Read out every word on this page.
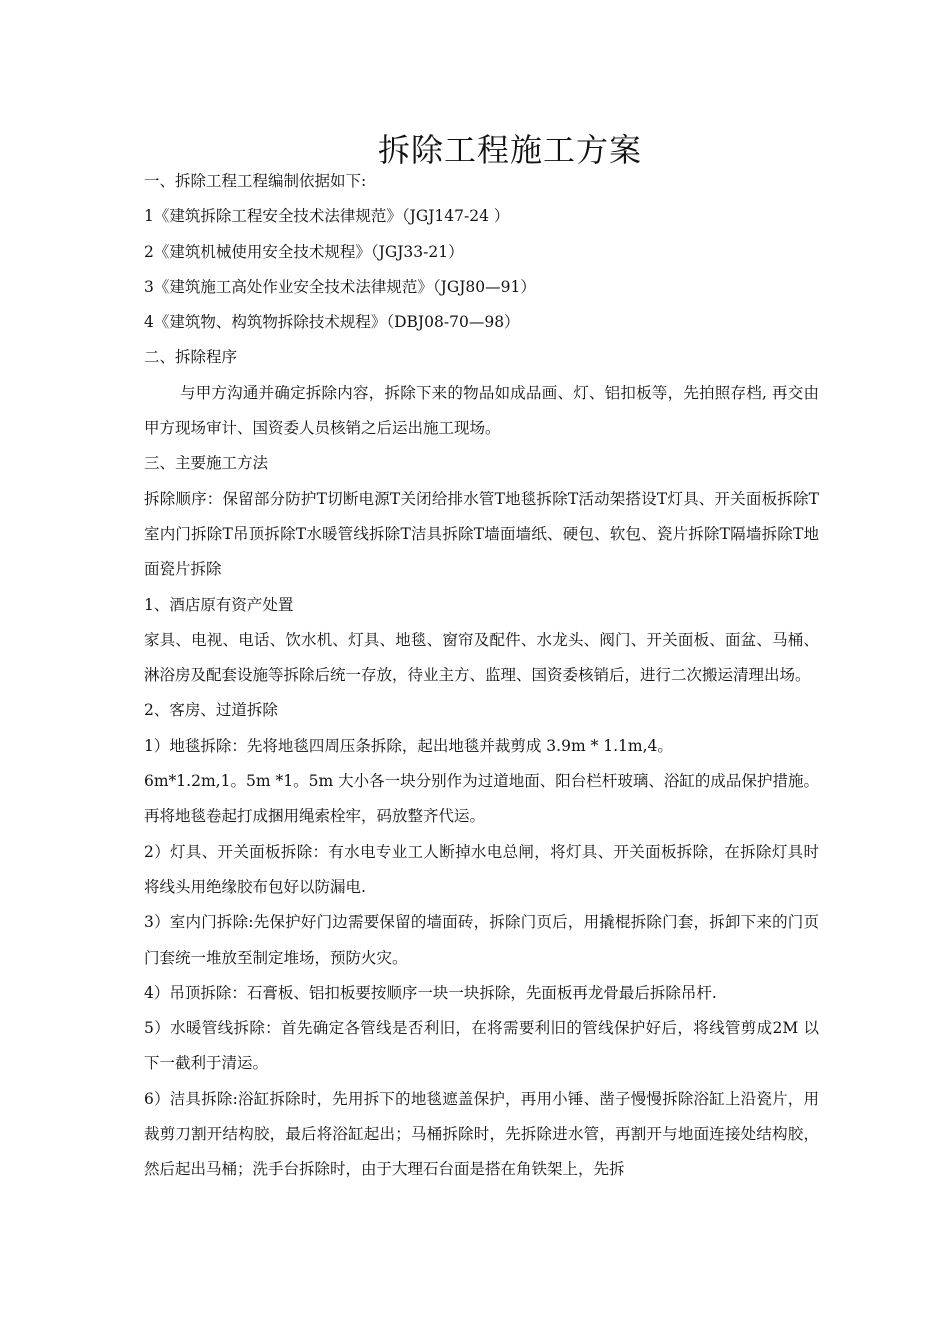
拆除工程施工方案

一、拆除工程工程编制依据如下:

1《建筑拆除工程安全技术法律规范》（JGJ147-24 ）

2《建筑机械使用安全技术规程》（JGJ33-21）

3《建筑施工高处作业安全技术法律规范》（JGJ80—91）

4《建筑物、构筑物拆除技术规程》（DBJ08-70—98）

二、拆除程序

与甲方沟通并确定拆除内容，拆除下来的物品如成品画、灯、铝扣板等，先拍照存档, 再交由甲方现场审计、国资委人员核销之后运出施工现场。

三、主要施工方法

拆除顺序：保留部分防护T切断电源T关闭给排水管T地毯拆除T活动架搭设T灯具、开关面板拆除T室内门拆除T吊顶拆除T水暖管线拆除T洁具拆除T墙面墙纸、硬包、软包、瓷片拆除T隔墙拆除T地面瓷片拆除

1、酒店原有资产处置

家具、电视、电话、饮水机、灯具、地毯、窗帘及配件、水龙头、阀门、开关面板、面盆、马桶、淋浴房及配套设施等拆除后统一存放，待业主方、监理、国资委核销后，进行二次搬运清理出场。

2、客房、过道拆除

1）地毯拆除：先将地毯四周压条拆除，起出地毯并裁剪成 3.9m * 1.1m,4。

6m*1.2m,1。5m *1。5m 大小各一块分别作为过道地面、阳台栏杆玻璃、浴缸的成品保护措施。再将地毯卷起打成捆用绳索栓牢，码放整齐代运。

2）灯具、开关面板拆除：有水电专业工人断掉水电总闸，将灯具、开关面板拆除，在拆除灯具时将线头用绝缘胶布包好以防漏电.

3）室内门拆除:先保护好门边需要保留的墙面砖，拆除门页后，用撬棍拆除门套，拆卸下来的门页门套统一堆放至制定堆场，预防火灾。

4）吊顶拆除：石膏板、铝扣板要按顺序一块一块拆除，先面板再龙骨最后拆除吊杆.

5）水暖管线拆除：首先确定各管线是否利旧，在将需要利旧的管线保护好后，将线管剪成2M 以下一截利于清运。

6）洁具拆除:浴缸拆除时，先用拆下的地毯遮盖保护，再用小锤、凿子慢慢拆除浴缸上沿瓷片，用裁剪刀割开结构胶，最后将浴缸起出；马桶拆除时，先拆除进水管，再割开与地面连接处结构胶，然后起出马桶；洗手台拆除时，由于大理石台面是搭在角铁架上，先拆
